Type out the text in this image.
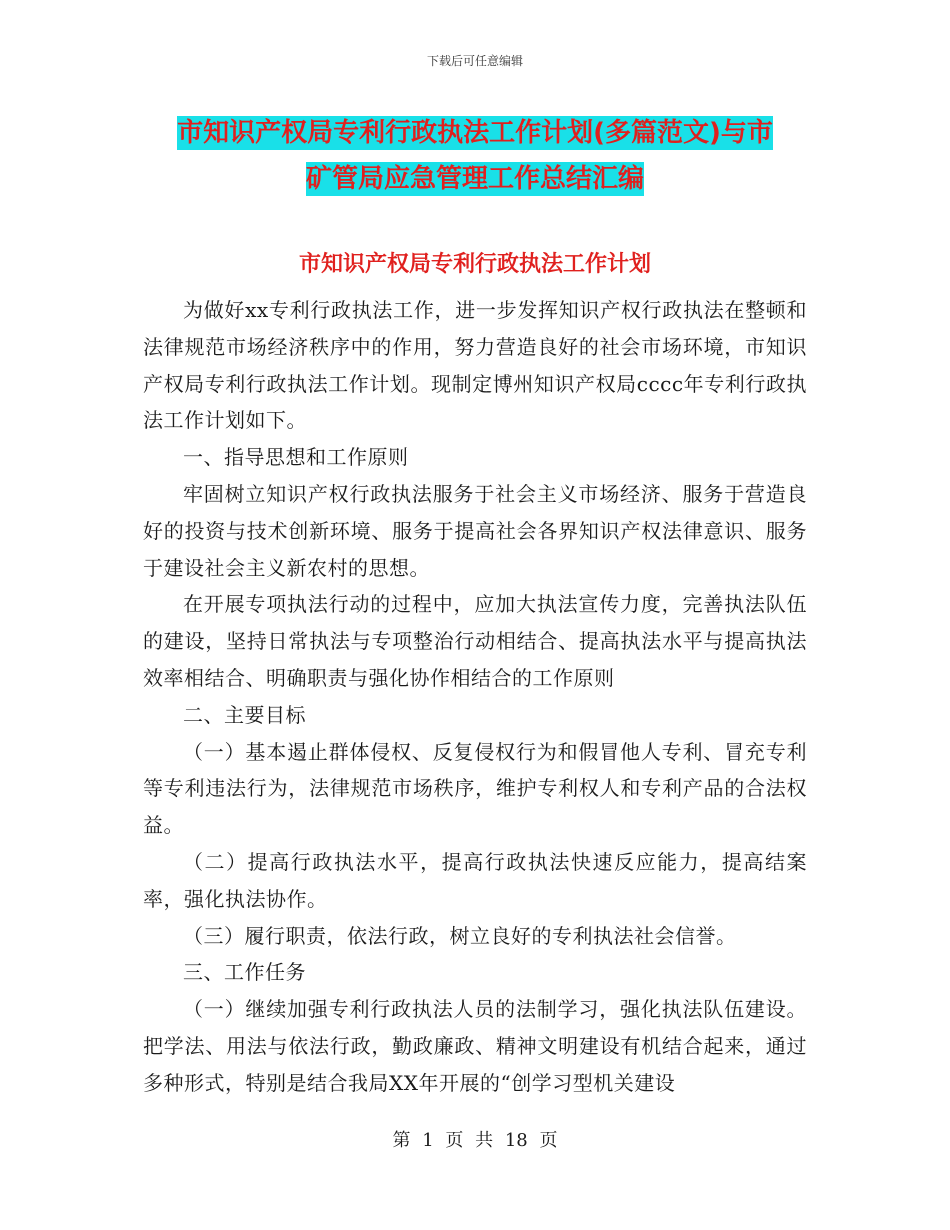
下载后可任意编辑
市知识产权局专利行政执法工作计划(多篇范文)与市
矿管局应急管理工作总结汇编
市知识产权局专利行政执法工作计划

为做好xx专利行政执法工作，进一步发挥知识产权行政执法在整顿和法律规范市场经济秩序中的作用，努力营造良好的社会市场环境，市知识产权局专利行政执法工作计划。现制定博州知识产权局cccc年专利行政执法工作计划如下。

一、指导思想和工作原则

牢固树立知识产权行政执法服务于社会主义市场经济、服务于营造良好的投资与技术创新环境、服务于提高社会各界知识产权法律意识、服务于建设社会主义新农村的思想。

在开展专项执法行动的过程中，应加大执法宣传力度，完善执法队伍的建设，坚持日常执法与专项整治行动相结合、提高执法水平与提高执法效率相结合、明确职责与强化协作相结合的工作原则

二、主要目标

（一）基本遏止群体侵权、反复侵权行为和假冒他人专利、冒充专利等专利违法行为，法律规范市场秩序，维护专利权人和专利产品的合法权益。

（二）提高行政执法水平，提高行政执法快速反应能力，提高结案率，强化执法协作。

（三）履行职责，依法行政，树立良好的专利执法社会信誉。

三、工作任务

（一）继续加强专利行政执法人员的法制学习，强化执法队伍建设。把学法、用法与依法行政，勤政廉政、精神文明建设有机结合起来，通过多种形式，特别是结合我局XX年开展的“创学习型机关建设

第 1 页 共 18 页
